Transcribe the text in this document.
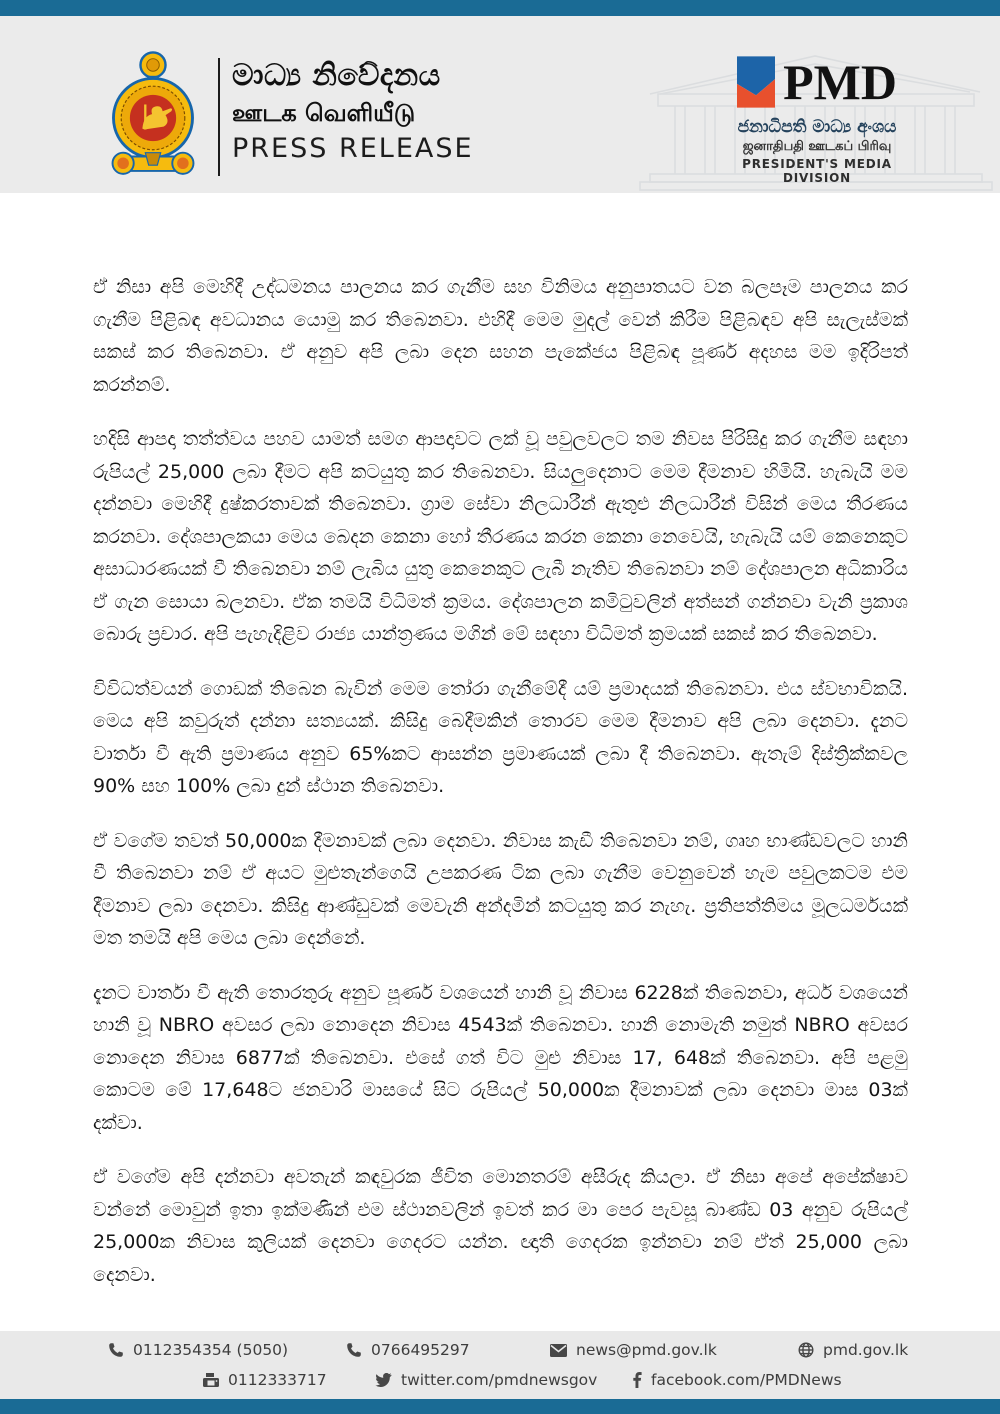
මාධ්‍ය නිවේදනය
ஊடக வெளியீடு
PRESS RELEASE
PMD
ජනාධිපති මාධ්‍ය අංශය
ஜனாதிபதி ஊடகப் பிரிவு
PRESIDENT'S MEDIA DIVISION

ඒ නිසා අපි මෙහිදී උද්ධමනය පාලනය කර ගැනීම සහ විනිමය අනුපාතයට වන බලපෑම පාලනය කර ගැනීම පිළිබඳ අවධානය යොමු කර තිබෙනවා. එහිදී මෙම මුදල් වෙන් කිරීම පිළිබඳව අපි සැලැස්මක් සකස් කර තිබෙනවා. ඒ අනුව අපි ලබා දෙන සහන පැකේජය පිළිබඳ පූර්ණ අදහස මම ඉදිරිපත් කරන්නම්.

හදිසි ආපදා තත්ත්වය පහව යාමත් සමග ආපදාවට ලක් වූ පවුලවලට තම නිවස පිරිසිදු කර ගැනීම සඳහා රුපියල් 25,000 ලබා දීමට අපි කටයුතු කර තිබෙනවා. සියලුදෙනාට මෙම දීමනාව හිමියි. හැබැයි මම දන්නවා මෙහිදී දුෂ්කරතාවක් තිබෙනවා. ග්‍රාම සේවා නිලධාරීන් ඇතුළු නිලධාරීන් විසින් මෙය තීරණය කරනවා. දේශපාලකයා මෙය බෙදන කෙනා හෝ තීරණය කරන කෙනා නෙවෙයි, හැබැයි යම් කෙනෙකුට අසාධාරණයක් වී තිබෙනවා නම් ලැබිය යුතු කෙනෙකුට ලැබී නැතිව තිබෙනවා නම් දේශපාලන අධිකාරිය ඒ ගැන සොයා බලනවා. ඒක තමයි විධිමත් ක්‍රමය. දේශපාලන කමිටුවලින් අත්සන් ගන්නවා වැනි ප්‍රකාශ බොරු ප්‍රචාර. අපි පැහැදිළිව රාජ්‍ය යාන්ත්‍රණය මගින් මේ සඳහා විධිමත් ක්‍රමයක් සකස් කර තිබෙනවා.

විවිධත්වයන් ගොඩක් තිබෙන බැවින් මෙම තෝරා ගැනීමේදී යම් ප්‍රමාදයක් තිබෙනවා. එය ස්වභාවිකයි. මෙය අපි කවුරුත් දන්නා සත්‍යයක්. කිසිදු බෙදීමකින් තොරව මෙම දීමනාව අපි ලබා දෙනවා. දැනට වාර්තා වී ඇති ප්‍රමාණය අනුව 65%කට ආසන්න ප්‍රමාණයක් ලබා දී තිබෙනවා. ඇතැම් දිස්ත්‍රික්කවල 90% සහ 100% ලබා දුන් ස්ථාන තිබෙනවා.

ඒ වගේම තවත් 50,000ක දීමනාවක් ලබා දෙනවා. නිවාස කැඩී තිබෙනවා නම්, ගෘහ භාණ්ඩවලට හානි වී තිබෙනවා නම් ඒ අයට මුළුතැන්ගෙයි උපකරණ ටික ලබා ගැනීම වෙනුවෙන් හැම පවුලකටම එම දීමනාව ලබා දෙනවා. කිසිදු ආණ්ඩුවක් මෙවැනි අන්දමින් කටයුතු කර නැහැ. ප්‍රතිපත්තිමය මූලධර්මයක් මත තමයි අපි මෙය ලබා දෙන්නේ.

දැනට වාර්තා වී ඇති තොරතුරු අනුව පූර්ණ වශයෙන් හානි වූ නිවාස 6228ක් තිබෙනවා, අර්ධ වශයෙන් හානි වූ NBRO අවසර ලබා නොදෙන නිවාස 4543ක් තිබෙනවා. හානි නොමැති නමුත් NBRO අවසර නොදෙන නිවාස 6877ක් තිබෙනවා. එසේ ගත් විට මුළු නිවාස 17, 648ක් තිබෙනවා. අපි පළමු කොටම මේ 17,648ට ජනවාරි මාසයේ සිට රුපියල් 50,000ක දීමනාවක් ලබා දෙනවා මාස 03ක් දක්වා.

ඒ වගේම අපි දන්නවා අවතැන් කඳවුරක ජීවිත මොනතරම් අසීරුද කියලා. ඒ නිසා අපේ අපේක්ෂාව වන්නේ මොවුන් ඉතා ඉක්මණින් එම ස්ථානවලින් ඉවත් කර මා පෙර පැවසූ බාණ්ඩ 03 අනුව රුපියල් 25,000ක නිවාස කුලියක් දෙනවා ගෙදරට යන්න. ඥාති ගෙදරක ඉන්නවා නම් ඒත් 25,000 ලබා දෙනවා.

0112354354 (5050)	0766495297	news@pmd.gov.lk	pmd.gov.lk
0112333717	twitter.com/pmdnewsgov	facebook.com/PMDNews
